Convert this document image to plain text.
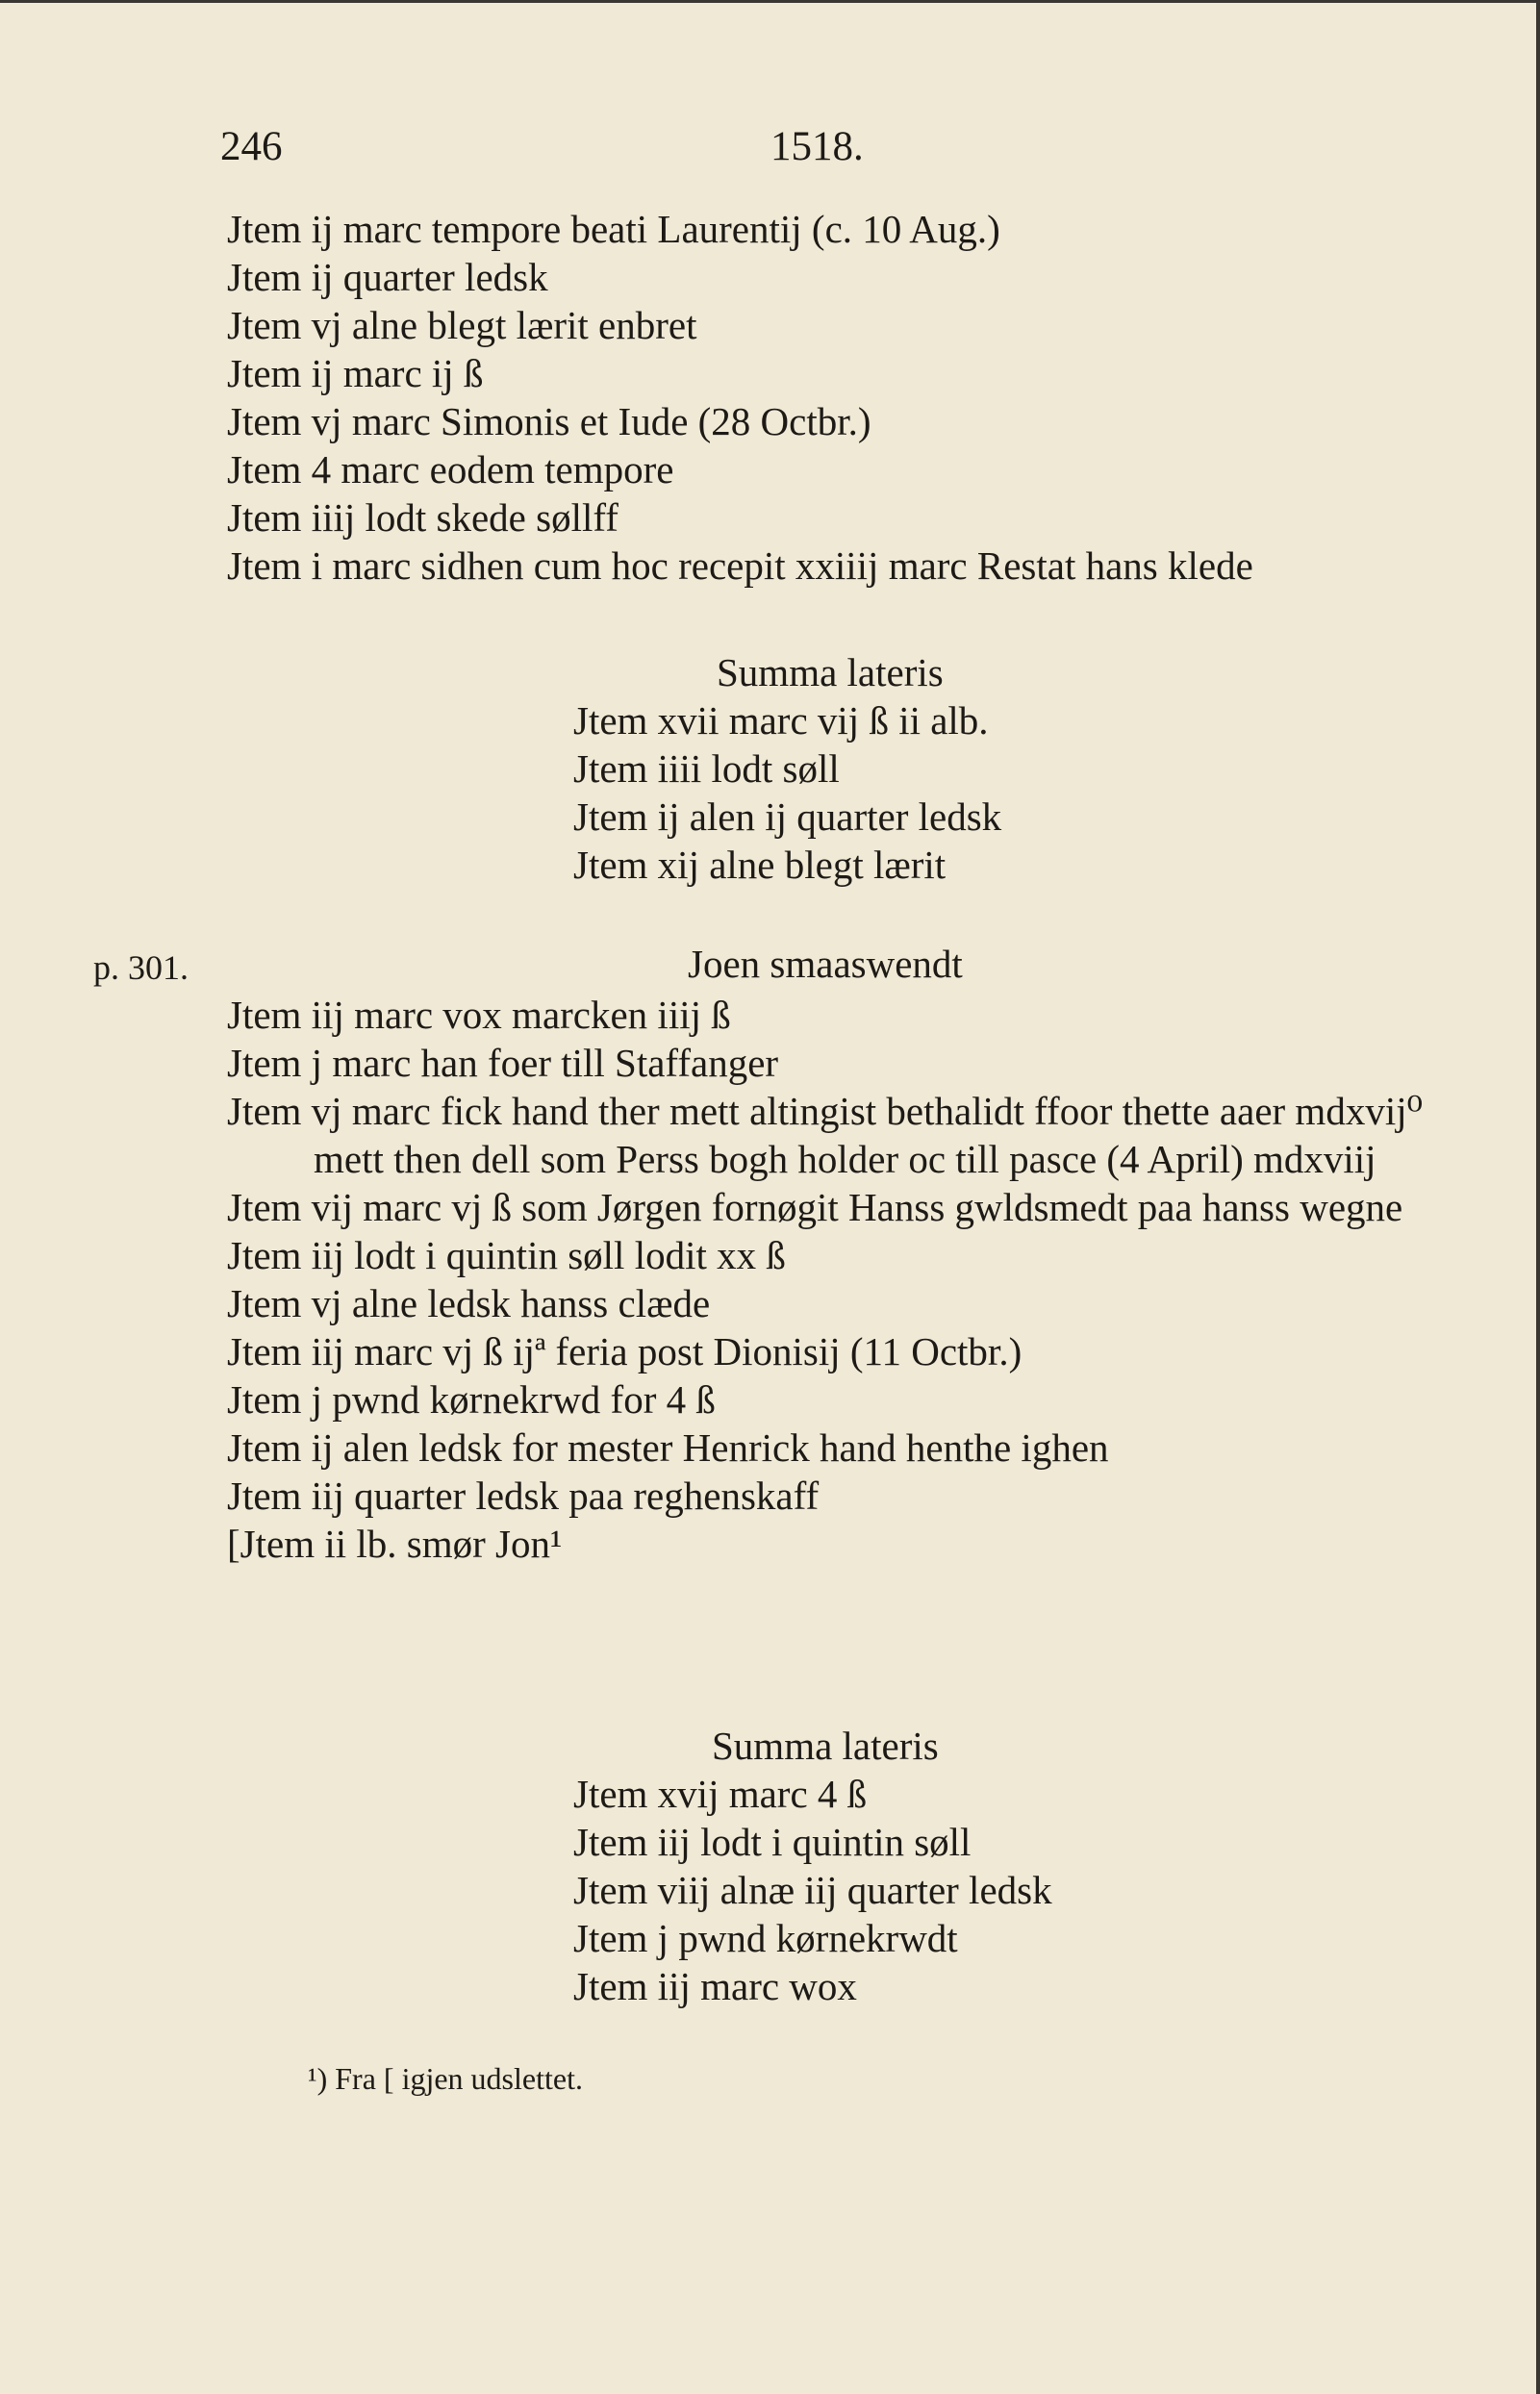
246	1518.
Jtem ij marc tempore beati Laurentij (c. 10 Aug.)
Jtem ij quarter ledsk
Jtem vj alne blegt lærit enbret
Jtem ij marc ij ß
Jtem vj marc Simonis et Iude (28 Octbr.)
Jtem 4 marc eodem tempore
Jtem iiij lodt skede søllff
Jtem i marc sidhen cum hoc recepit xxiiij marc Restat hans klede
Summa lateris
Jtem xvii marc vij ß ii alb.
Jtem iiii lodt søll
Jtem ij alen ij quarter ledsk
Jtem xij alne blegt lærit
p. 301.	Joen smaaswendt
Jtem iij marc vox marcken iiij ß
Jtem j marc han foer till Staffanger
Jtem vj marc fick hand ther mett altingist bethalidt ffoor thette aaer mdxvij⁰ mett then dell som Perss bogh holder oc till pasce (4 April) mdxviij
Jtem vij marc vj ß som Jørgen fornøgit Hanss gwldsmedt paa hanss wegne
Jtem iij lodt i quintin søll lodit xx ß
Jtem vj alne ledsk hanss clæde
Jtem iij marc vj ß ijª feria post Dionisij (11 Octbr.)
Jtem j pwnd kørnekrwd for 4 ß
Jtem ij alen ledsk for mester Henrick hand henthe ighen
Jtem iij quarter ledsk paa reghenskaff
[Jtem ii lb. smør Jon¹
Summa lateris
Jtem xvij marc 4 ß
Jtem iij lodt i quintin søll
Jtem viij alnæ iij quarter ledsk
Jtem j pwnd kørnekrwdt
Jtem iij marc wox
¹) Fra [ igjen udslettet.
